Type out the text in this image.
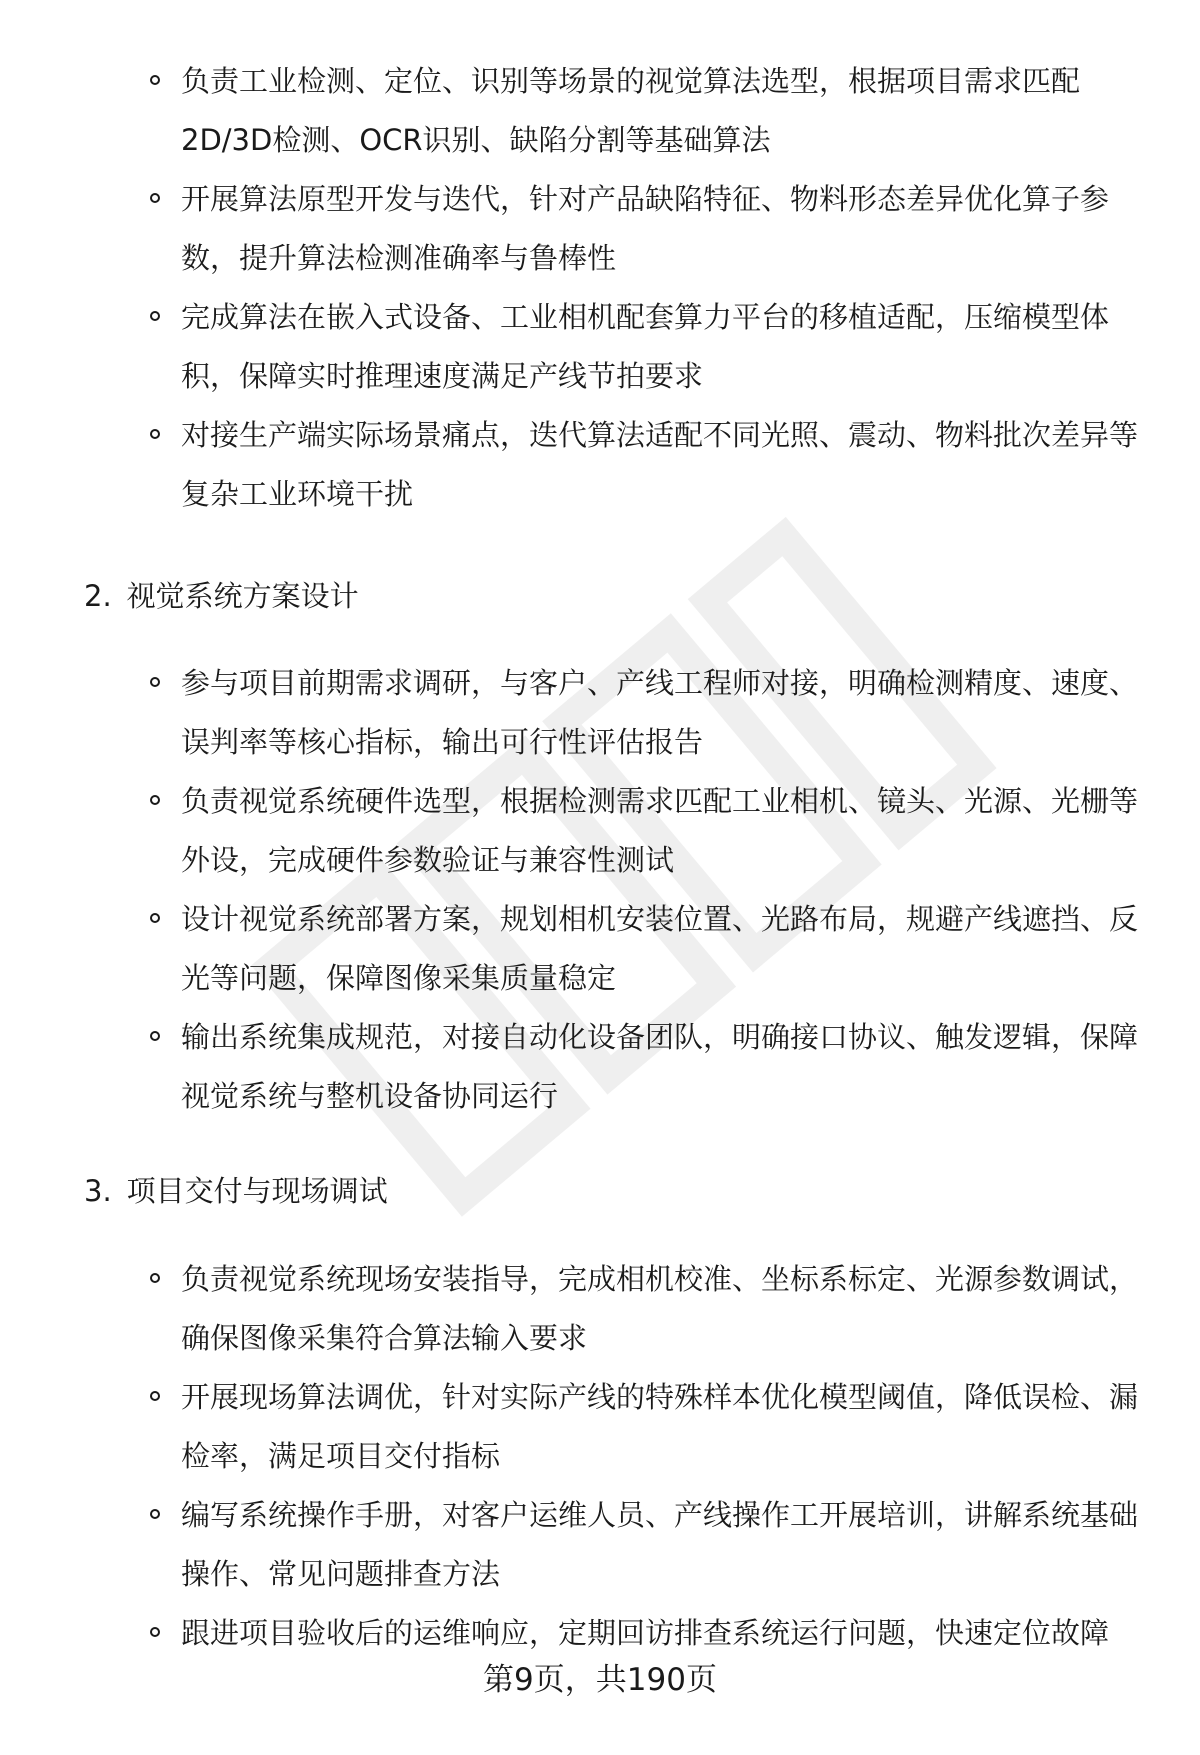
负责工业检测、定位、识别等场景的视觉算法选型，根据项目需求匹配2D/3D检测、OCR识别、缺陷分割等基础算法
开展算法原型开发与迭代，针对产品缺陷特征、物料形态差异优化算子参数，提升算法检测准确率与鲁棒性
完成算法在嵌入式设备、工业相机配套算力平台的移植适配，压缩模型体积，保障实时推理速度满足产线节拍要求
对接生产端实际场景痛点，迭代算法适配不同光照、震动、物料批次差异等复杂工业环境干扰
2. 视觉系统方案设计
参与项目前期需求调研，与客户、产线工程师对接，明确检测精度、速度、误判率等核心指标，输出可行性评估报告
负责视觉系统硬件选型，根据检测需求匹配工业相机、镜头、光源、光栅等外设，完成硬件参数验证与兼容性测试
设计视觉系统部署方案，规划相机安装位置、光路布局，规避产线遮挡、反光等问题，保障图像采集质量稳定
输出系统集成规范，对接自动化设备团队，明确接口协议、触发逻辑，保障视觉系统与整机设备协同运行
3. 项目交付与现场调试
负责视觉系统现场安装指导，完成相机校准、坐标系标定、光源参数调试，确保图像采集符合算法输入要求
开展现场算法调优，针对实际产线的特殊样本优化模型阈值，降低误检、漏检率，满足项目交付指标
编写系统操作手册，对客户运维人员、产线操作工开展培训，讲解系统基础操作、常见问题排查方法
跟进项目验收后的运维响应，定期回访排查系统运行问题，快速定位故障
第9页，共190页
